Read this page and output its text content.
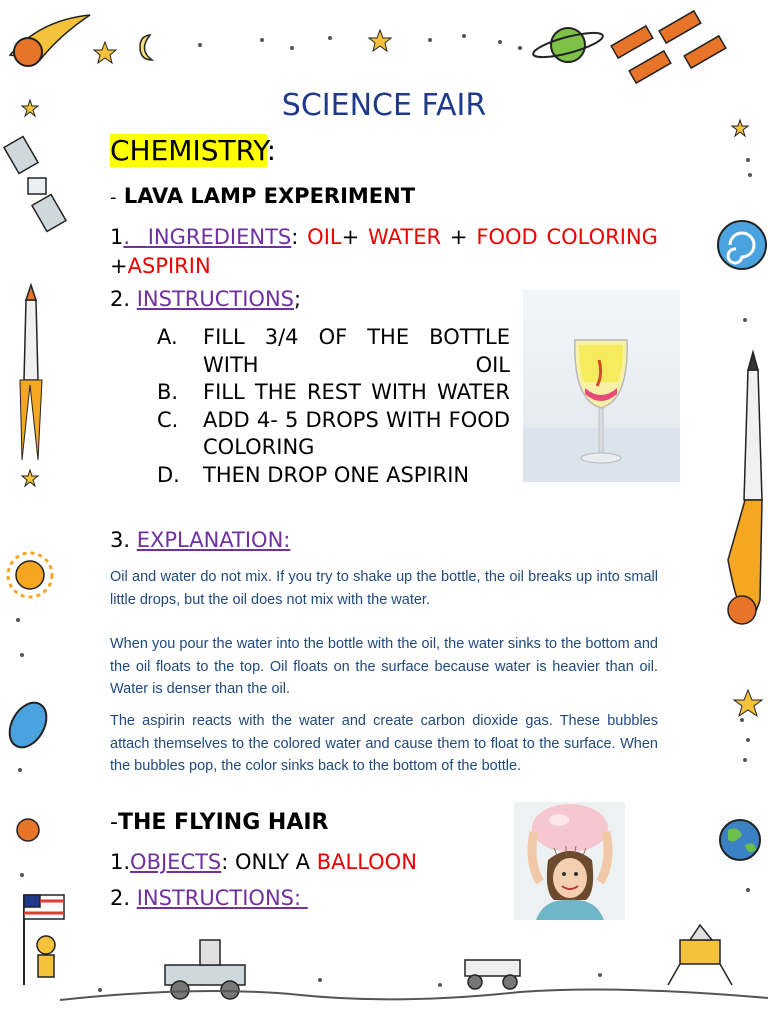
SCIENCE FAIR
CHEMISTRY:
- LAVA LAMP EXPERIMENT
1. INGREDIENTS: OIL+ WATER + FOOD COLORING +ASPIRIN
2. INSTRUCTIONS;
A. FILL 3/4 OF THE BOTTLE WITH OIL
B. FILL THE REST WITH WATER
C. ADD 4- 5 DROPS WITH FOOD COLORING
D. THEN DROP ONE ASPIRIN
3. EXPLANATION:
Oil and water do not mix. If you try to shake up the bottle, the oil breaks up into small little drops, but the oil does not mix with the water.
When you pour the water into the bottle with the oil, the water sinks to the bottom and the oil floats to the top. Oil floats on the surface because water is heavier than oil. Water is denser than the oil.
The aspirin reacts with the water and create carbon dioxide gas. These bubbles attach themselves to the colored water and cause them to float to the surface. When the bubbles pop, the color sinks back to the bottom of the bottle.
-THE FLYING HAIR
1.OBJECTS: ONLY A BALLOON
2. INSTRUCTIONS:
